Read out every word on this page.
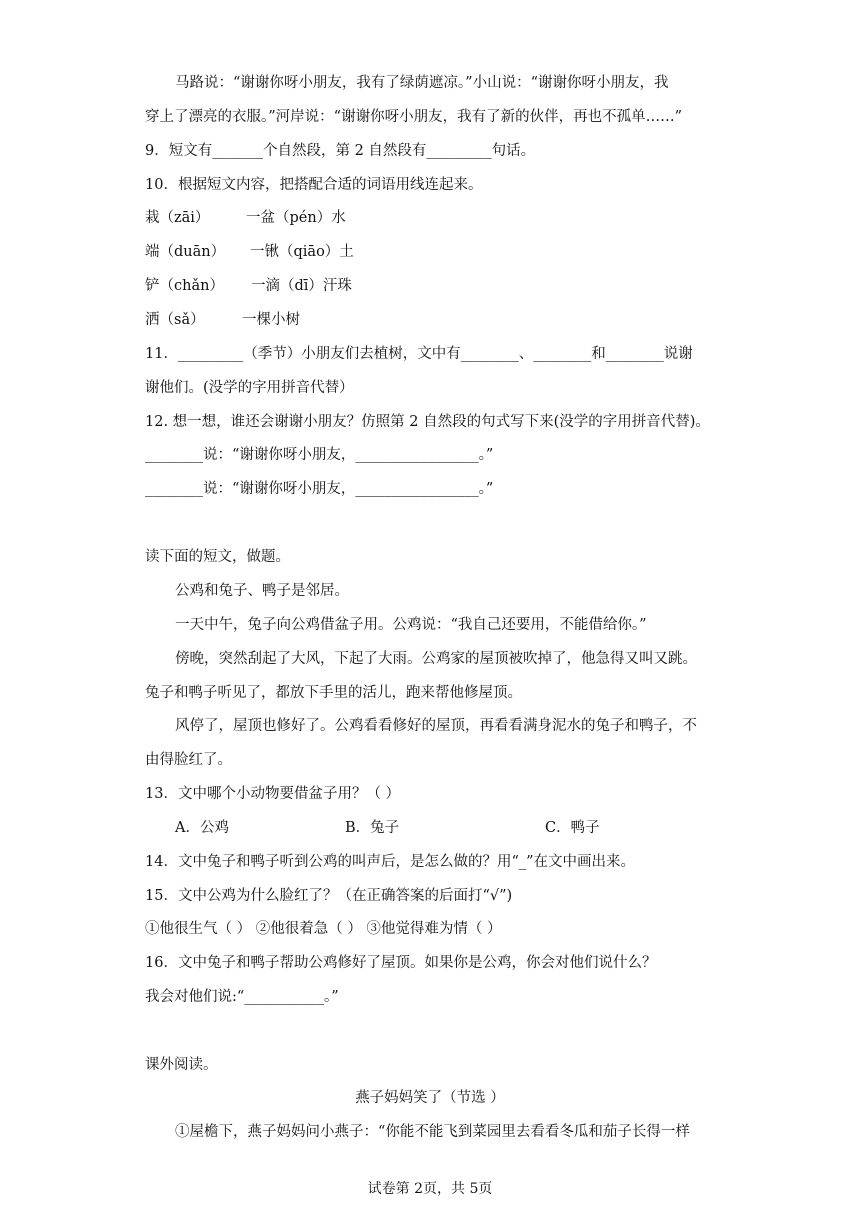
马路说：“谢谢你呀小朋友，我有了绿荫遮凉。”小山说：“谢谢你呀小朋友，我
穿上了漂亮的衣服。”河岸说：“谢谢你呀小朋友，我有了新的伙伴，再也不孤单……”
9．短文有_______个自然段，第 2 自然段有_________句话。
10．根据短文内容，把搭配合适的词语用线连起来。
栽（zāi）	一盆（pén）水
端（duān） 一锹（qiāo）土
铲（chǎn） 一滴（dī）汗珠
洒（sǎ）	一棵小树
11．_________（季节）小朋友们去植树，文中有________、________和________说谢
谢他们。(没学的字用拼音代替）
12. 想一想，谁还会谢谢小朋友？仿照第 2 自然段的句式写下来(没学的字用拼音代替)。
________说：“谢谢你呀小朋友，_________________。”
________说：“谢谢你呀小朋友，_________________。”
读下面的短文，做题。
公鸡和兔子、鸭子是邻居。
一天中午，兔子向公鸡借盆子用。公鸡说：“我自己还要用，不能借给你。”
傍晚，突然刮起了大风，下起了大雨。公鸡家的屋顶被吹掉了，他急得又叫又跳。
兔子和鸭子听见了，都放下手里的活儿，跑来帮他修屋顶。
风停了，屋顶也修好了。公鸡看看修好的屋顶，再看看满身泥水的兔子和鸭子，不
由得脸红了。
13．文中哪个小动物要借盆子用？（ ）
A．公鸡	B．兔子	C．鸭子
14．文中兔子和鸭子听到公鸡的叫声后，是怎么做的？用“_”在文中画出来。
15．文中公鸡为什么脸红了？（在正确答案的后面打“√”)
①他很生气（ ） ②他很着急（ ） ③他觉得难为情（ ）
16．文中兔子和鸭子帮助公鸡修好了屋顶。如果你是公鸡，你会对他们说什么？
我会对他们说:“___________。”
课外阅读。
燕子妈妈笑了（节选 ）
①屋檐下，燕子妈妈问小燕子：“你能不能飞到菜园里去看看冬瓜和茄子长得一样
试卷第 2页，共 5页
